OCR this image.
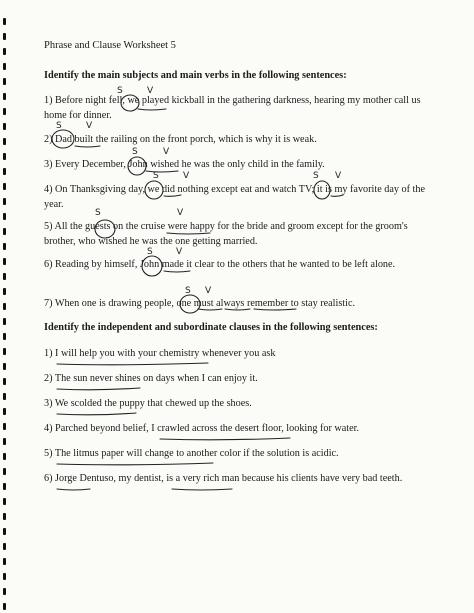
Phrase and Clause Worksheet 5
Identify the main subjects and main verbs in the following sentences:
1) Before night fell, we played kickball in the gathering darkness, hearing my mother call us home for dinner.
2) Dad built the railing on the front porch, which is why it is weak.
3) Every December, John wished he was the only child in the family.
4) On Thanksgiving day, we did nothing except eat and watch TV; it is my favorite day of the year.
5) All the guests on the cruise were happy for the bride and groom except for the groom's brother, who wished he was the one getting married.
6) Reading by himself, John made it clear to the others that he wanted to be left alone.
7) When one is drawing people, one must always remember to stay realistic.
Identify the independent and subordinate clauses in the following sentences:
1) I will help you with your chemistry whenever you ask
2) The sun never shines on days when I can enjoy it.
3) We scolded the puppy that chewed up the shoes.
4) Parched beyond belief, I crawled across the desert floor, looking for water.
5) The litmus paper will change to another color if the solution is acidic.
6) Jorge Dentuso, my dentist, is a very rich man because his clients have very bad teeth.
S	V
S	V
S	V
S	V	S V
S	V
S	V
S V
